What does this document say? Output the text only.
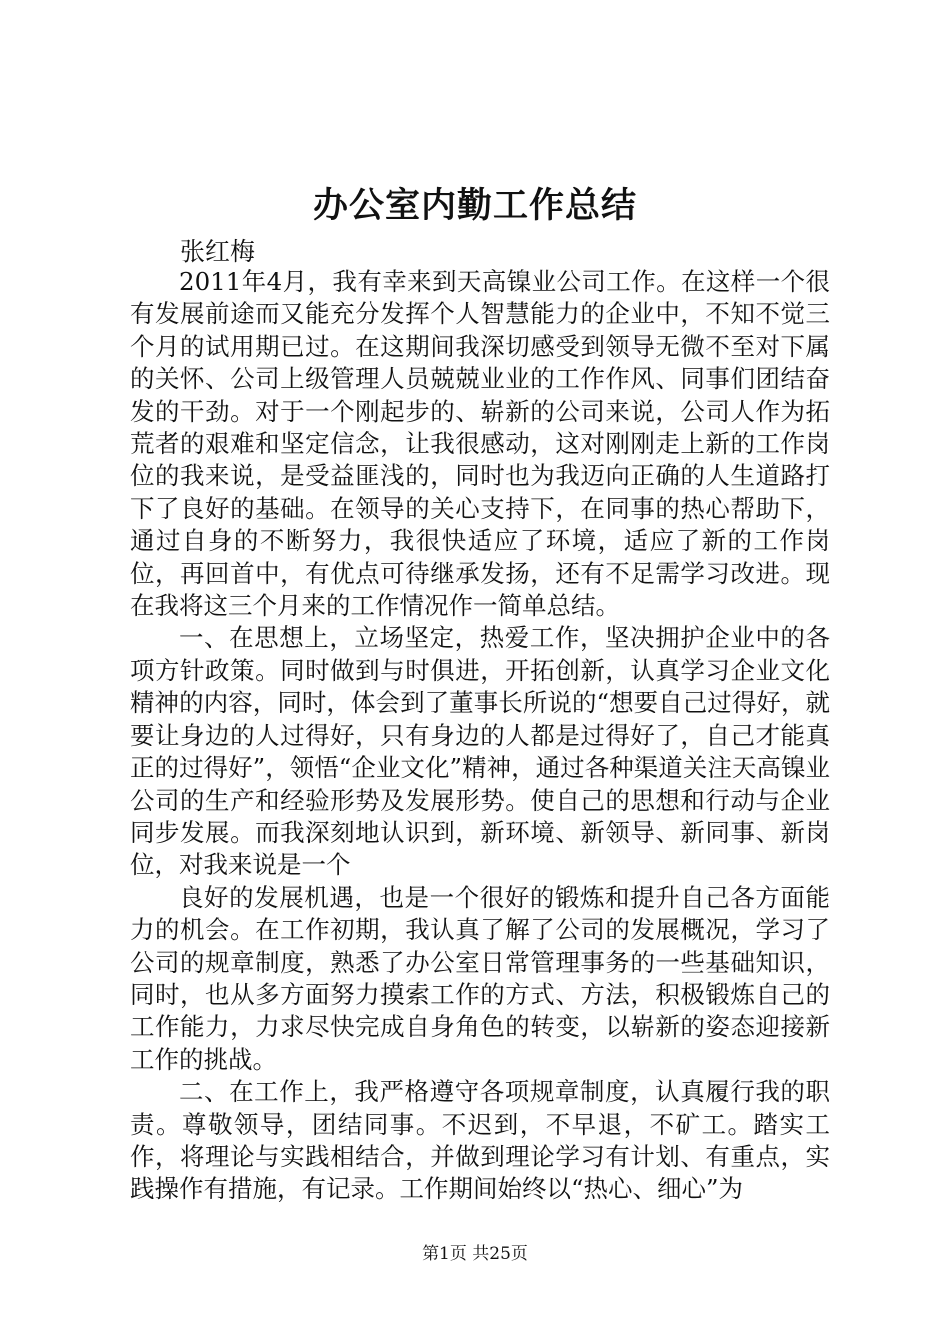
办公室内勤工作总结
张红梅

2011年4月，我有幸来到天高镍业公司工作。在这样一个很有发展前途而又能充分发挥个人智慧能力的企业中，不知不觉三个月的试用期已过。在这期间我深切感受到领导无微不至对下属的关怀、公司上级管理人员兢兢业业的工作作风、同事们团结奋发的干劲。对于一个刚起步的、崭新的公司来说，公司人作为拓荒者的艰难和坚定信念，让我很感动，这对刚刚走上新的工作岗位的我来说，是受益匪浅的，同时也为我迈向正确的人生道路打下了良好的基础。在领导的关心支持下，在同事的热心帮助下，通过自身的不断努力，我很快适应了环境，适应了新的工作岗位，再回首中，有优点可待继承发扬，还有不足需学习改进。现在我将这三个月来的工作情况作一简单总结。

一、在思想上，立场坚定，热爱工作，坚决拥护企业中的各项方针政策。同时做到与时俱进，开拓创新，认真学习企业文化精神的内容，同时，体会到了董事长所说的“想要自己过得好，就要让身边的人过得好，只有身边的人都是过得好了，自己才能真正的过得好”，领悟“企业文化”精神，通过各种渠道关注天高镍业公司的生产和经验形势及发展形势。使自己的思想和行动与企业同步发展。而我深刻地认识到，新环境、新领导、新同事、新岗位，对我来说是一个

良好的发展机遇，也是一个很好的锻炼和提升自己各方面能力的机会。在工作初期，我认真了解了公司的发展概况，学习了公司的规章制度，熟悉了办公室日常管理事务的一些基础知识，同时，也从多方面努力摸索工作的方式、方法，积极锻炼自己的工作能力，力求尽快完成自身角色的转变，以崭新的姿态迎接新工作的挑战。

二、在工作上，我严格遵守各项规章制度，认真履行我的职责。尊敬领导，团结同事。不迟到，不早退，不矿工。踏实工作，将理论与实践相结合，并做到理论学习有计划、有重点，实践操作有措施，有记录。工作期间始终以“热心、细心”为

第1页 共25页
